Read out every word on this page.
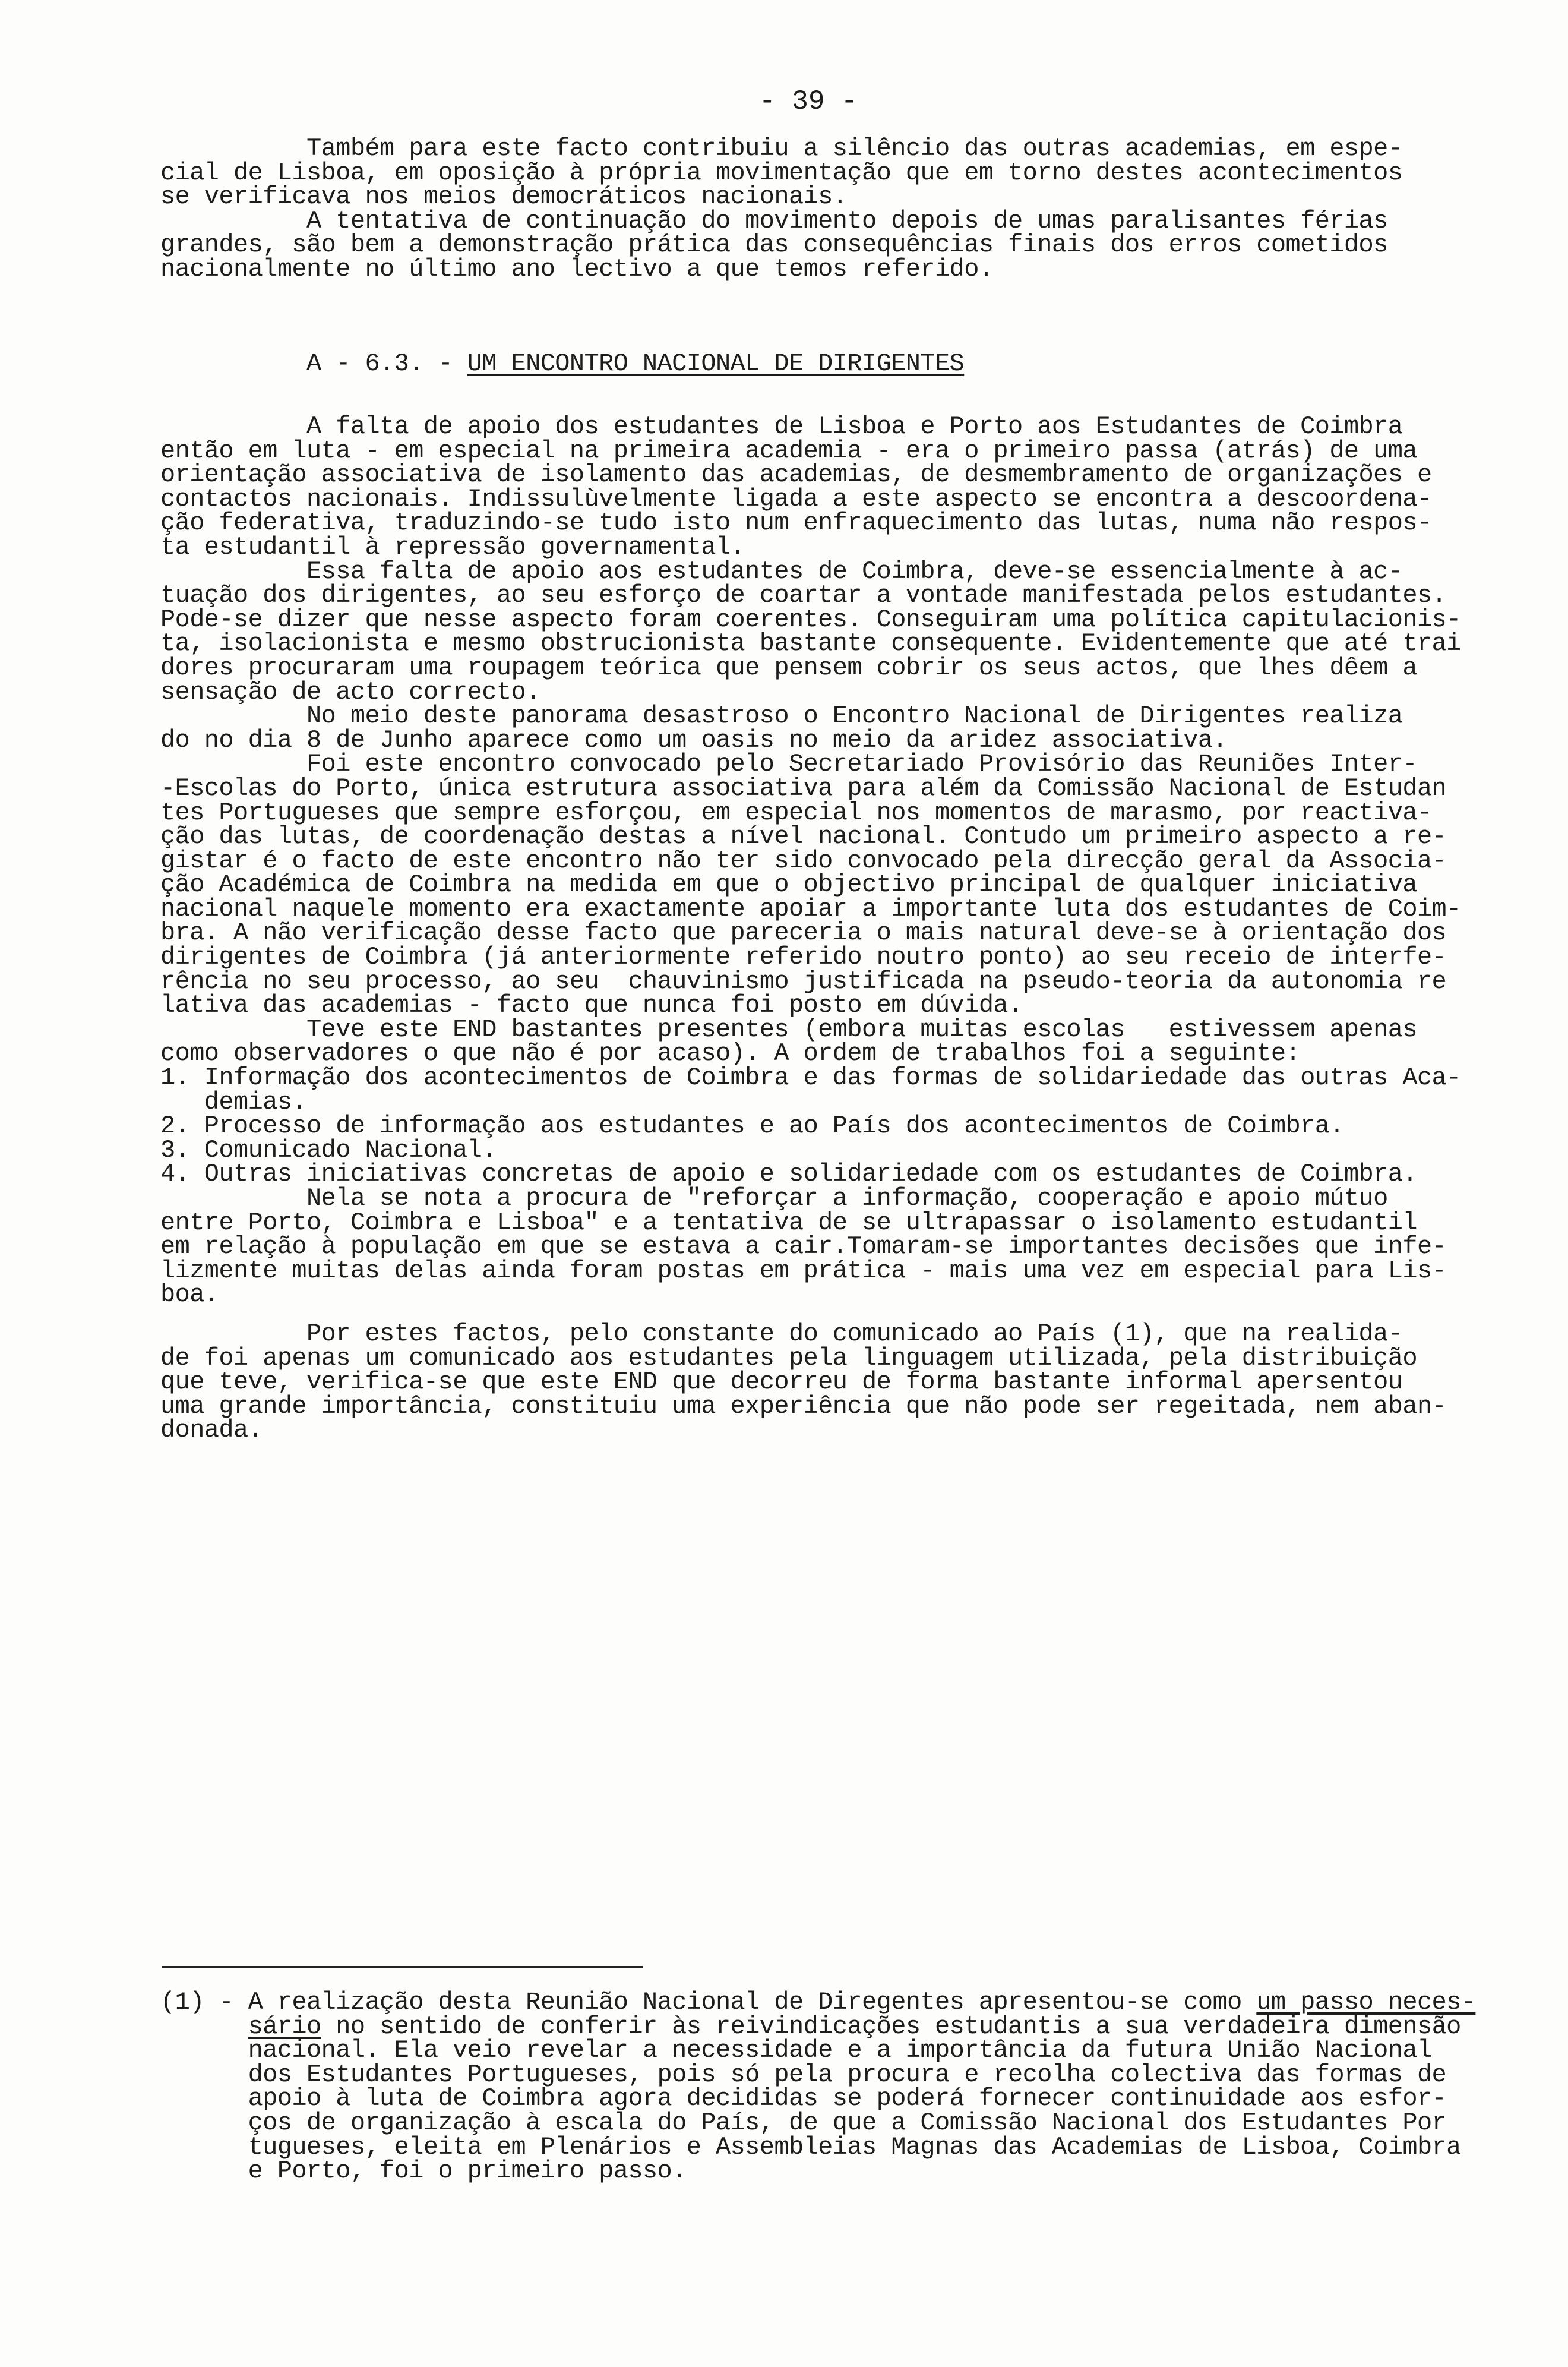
- 39 -
Também para este facto contribuiu a silêncio das outras academias, em espe-
cial de Lisboa, em oposição à própria movimentação que em torno destes acontecimentos
se verificava nos meios democráticos nacionais.
A tentativa de continuação do movimento depois de umas paralisantes férias
grandes, são bem a demonstração prática das consequências finais dos erros cometidos
nacionalmente no último ano lectivo a que temos referido.
A - 6.3. - UM ENCONTRO NACIONAL DE DIRIGENTES
A falta de apoio dos estudantes de Lisboa e Porto aos Estudantes de Coimbra
então em luta - em especial na primeira academia - era o primeiro passa (atrás) de uma
orientação associativa de isolamento das academias, de desmembramento de organizações e
contactos nacionais. Indissulùvelmente ligada a este aspecto se encontra a descoordena-
ção federativa, traduzindo-se tudo isto num enfraquecimento das lutas, numa não respos-
ta estudantil à repressão governamental.
Essa falta de apoio aos estudantes de Coimbra, deve-se essencialmente à ac-
tuação dos dirigentes, ao seu esforço de coartar a vontade manifestada pelos estudantes.
Pode-se dizer que nesse aspecto foram coerentes. Conseguiram uma política capitulacionis-
ta, isolacionista e mesmo obstrucionista bastante consequente. Evidentemente que até trai
dores procuraram uma roupagem teórica que pensem cobrir os seus actos, que lhes dêem a
sensação de acto correcto.
No meio deste panorama desastroso o Encontro Nacional de Dirigentes realiza
do no dia 8 de Junho aparece como um oasis no meio da aridez associativa.
Foi este encontro convocado pelo Secretariado Provisório das Reuniões Inter-
-Escolas do Porto, única estrutura associativa para além da Comissão Nacional de Estudan
tes Portugueses que sempre esforçou, em especial nos momentos de marasmo, por reactiva-
ção das lutas, de coordenação destas a nível nacional. Contudo um primeiro aspecto a re-
gistar é o facto de este encontro não ter sido convocado pela direcção geral da Associa-
ção Académica de Coimbra na medida em que o objectivo principal de qualquer iniciativa
nacional naquele momento era exactamente apoiar a importante luta dos estudantes de Coim-
bra. A não verificação desse facto que pareceria o mais natural deve-se à orientação dos
dirigentes de Coimbra (já anteriormente referido noutro ponto) ao seu receio de interfe-
rência no seu processo, ao seu  chauvinismo justificada na pseudo-teoria da autonomia re
lativa das academias - facto que nunca foi posto em dúvida.
Teve este END bastantes presentes (embora muitas escolas   estivessem apenas
como observadores o que não é por acaso). A ordem de trabalhos foi a seguinte:
1. Informação dos acontecimentos de Coimbra e das formas de solidariedade das outras Aca-
demias.
2. Processo de informação aos estudantes e ao País dos acontecimentos de Coimbra.
3. Comunicado Nacional.
4. Outras iniciativas concretas de apoio e solidariedade com os estudantes de Coimbra.
Nela se nota a procura de "reforçar a informação, cooperação e apoio mútuo
entre Porto, Coimbra e Lisboa" e a tentativa de se ultrapassar o isolamento estudantil
em relação à população em que se estava a cair.Tomaram-se importantes decisões que infe-
lizmente muitas delas ainda foram postas em prática - mais uma vez em especial para Lis-
boa.
Por estes factos, pelo constante do comunicado ao País (1), que na realida-
de foi apenas um comunicado aos estudantes pela linguagem utilizada, pela distribuição
que teve, verifica-se que este END que decorreu de forma bastante informal apersentou
uma grande importância, constituiu uma experiência que não pode ser regeitada, nem aban-
donada.
(1) - A realização desta Reunião Nacional de Diregentes apresentou-se como um passo neces-
sário no sentido de conferir às reivindicações estudantis a sua verdadeira dimensão
nacional. Ela veio revelar a necessidade e a importância da futura União Nacional
dos Estudantes Portugueses, pois só pela procura e recolha colectiva das formas de
apoio à luta de Coimbra agora decididas se poderá fornecer continuidade aos esfor-
ços de organização à escala do País, de que a Comissão Nacional dos Estudantes Por
tugueses, eleita em Plenários e Assembleias Magnas das Academias de Lisboa, Coimbra
e Porto, foi o primeiro passo.
